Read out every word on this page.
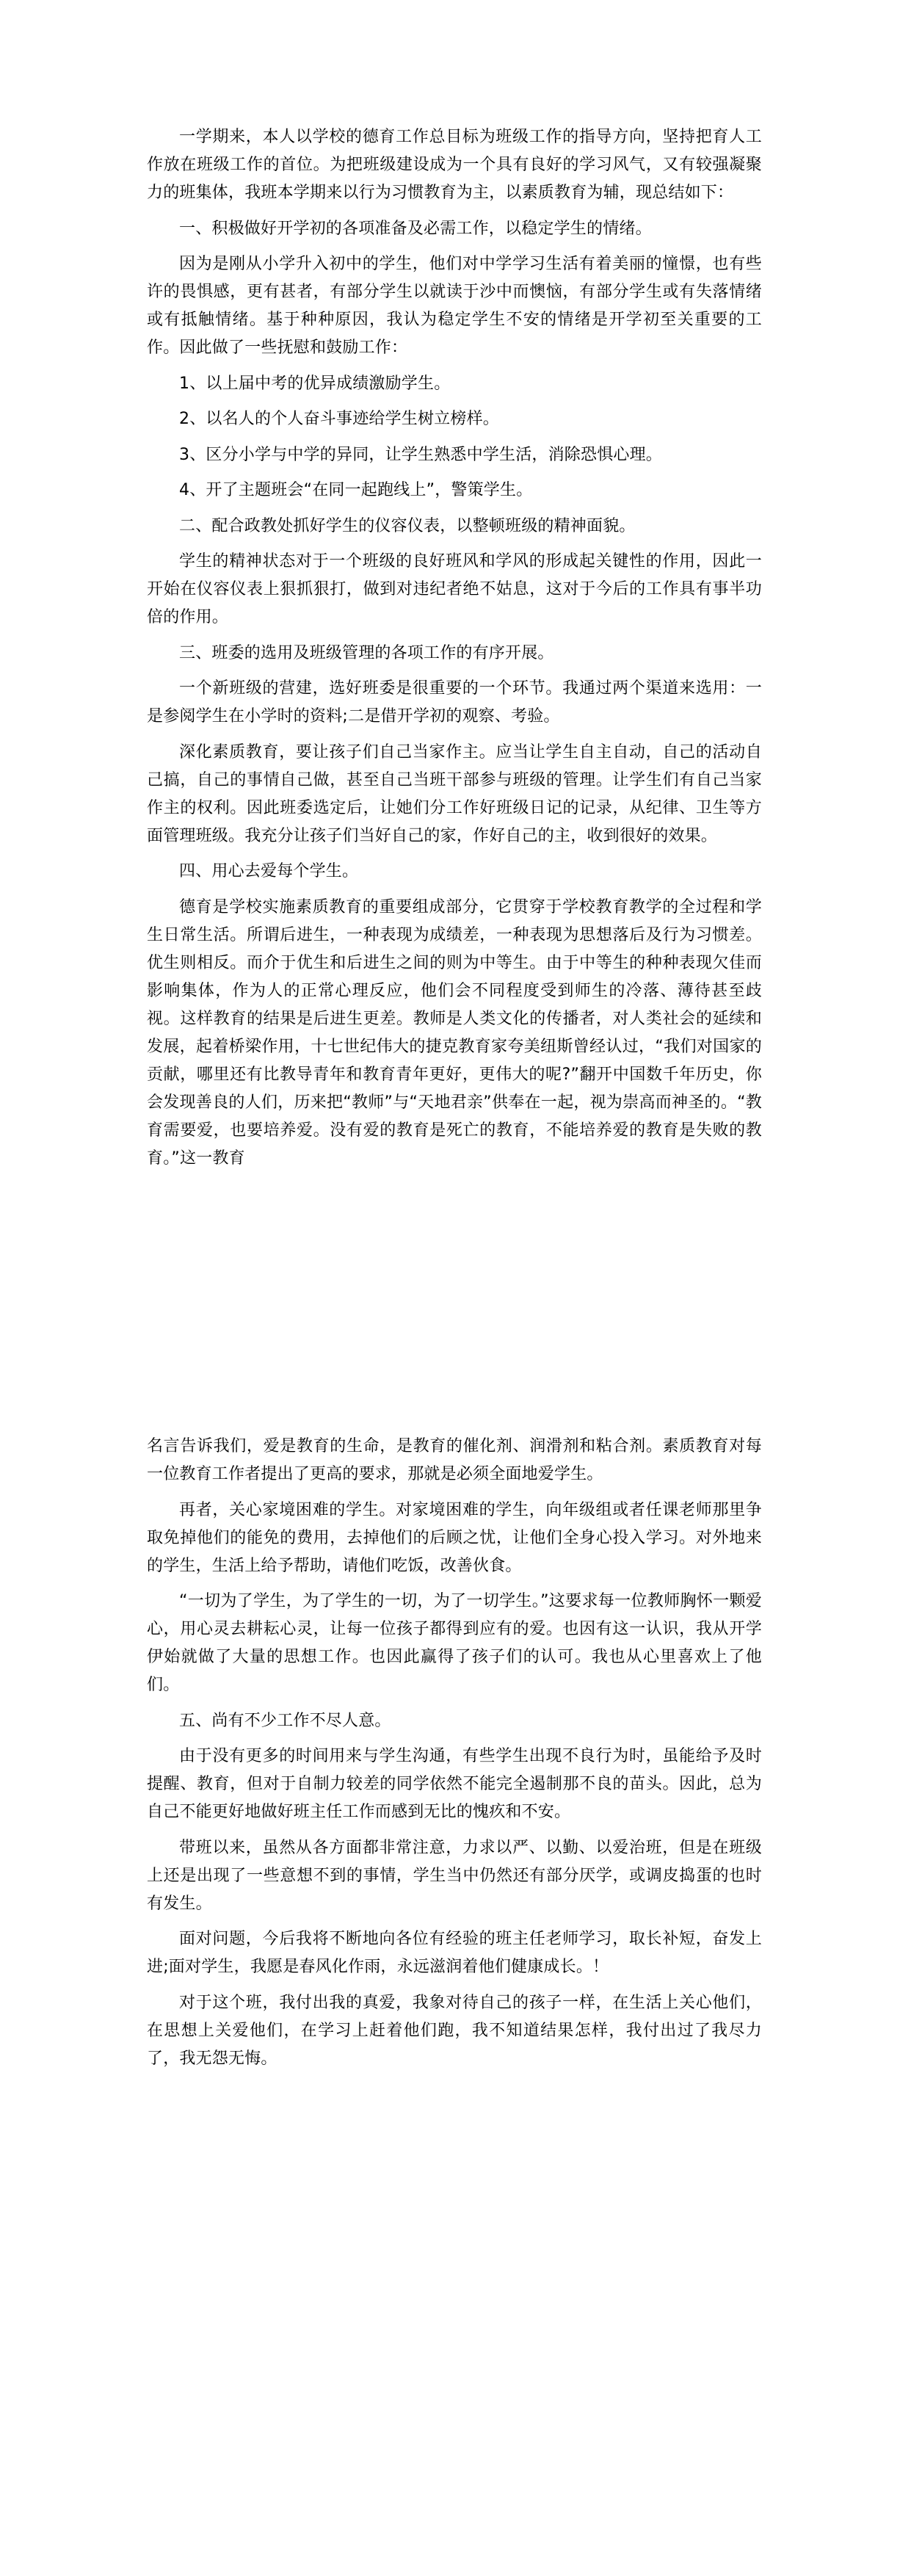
一学期来，本人以学校的德育工作总目标为班级工作的指导方向，坚持把育人工作放在班级工作的首位。为把班级建设成为一个具有良好的学习风气，又有较强凝聚力的班集体，我班本学期来以行为习惯教育为主，以素质教育为辅，现总结如下：

一、积极做好开学初的各项准备及必需工作，以稳定学生的情绪。

因为是刚从小学升入初中的学生，他们对中学学习生活有着美丽的憧憬，也有些许的畏惧感，更有甚者，有部分学生以就读于沙中而懊恼，有部分学生或有失落情绪或有抵触情绪。基于种种原因，我认为稳定学生不安的情绪是开学初至关重要的工作。因此做了一些抚慰和鼓励工作：

1、以上届中考的优异成绩激励学生。

2、以名人的个人奋斗事迹给学生树立榜样。

3、区分小学与中学的异同，让学生熟悉中学生活，消除恐惧心理。

4、开了主题班会“在同一起跑线上”，警策学生。

二、配合政教处抓好学生的仪容仪表，以整顿班级的精神面貌。

学生的精神状态对于一个班级的良好班风和学风的形成起关键性的作用，因此一开始在仪容仪表上狠抓狠打，做到对违纪者绝不姑息，这对于今后的工作具有事半功倍的作用。

三、班委的选用及班级管理的各项工作的有序开展。

一个新班级的营建，选好班委是很重要的一个环节。我通过两个渠道来选用：一是参阅学生在小学时的资料;二是借开学初的观察、考验。

深化素质教育，要让孩子们自己当家作主。应当让学生自主自动，自己的活动自己搞，自己的事情自己做，甚至自己当班干部参与班级的管理。让学生们有自己当家作主的权利。因此班委选定后，让她们分工作好班级日记的记录，从纪律、卫生等方面管理班级。我充分让孩子们当好自己的家，作好自己的主，收到很好的效果。

四、用心去爱每个学生。

德育是学校实施素质教育的重要组成部分，它贯穿于学校教育教学的全过程和学生日常生活。所谓后进生，一种表现为成绩差，一种表现为思想落后及行为习惯差。优生则相反。而介于优生和后进生之间的则为中等生。由于中等生的种种表现欠佳而影响集体，作为人的正常心理反应，他们会不同程度受到师生的冷落、薄待甚至歧视。这样教育的结果是后进生更差。教师是人类文化的传播者，对人类社会的延续和发展，起着桥梁作用，十七世纪伟大的捷克教育家夸美纽斯曾经认过，“我们对国家的贡献，哪里还有比教导青年和教育青年更好，更伟大的呢?”翻开中国数千年历史，你会发现善良的人们，历来把“教师”与“天地君亲”供奉在一起，视为崇高而神圣的。“教育需要爱，也要培养爱。没有爱的教育是死亡的教育，不能培养爱的教育是失败的教育。”这一教育

名言告诉我们，爱是教育的生命，是教育的催化剂、润滑剂和粘合剂。素质教育对每一位教育工作者提出了更高的要求，那就是必须全面地爱学生。

再者，关心家境困难的学生。对家境困难的学生，向年级组或者任课老师那里争取免掉他们的能免的费用，去掉他们的后顾之忧，让他们全身心投入学习。对外地来的学生，生活上给予帮助，请他们吃饭，改善伙食。

“一切为了学生，为了学生的一切，为了一切学生。”这要求每一位教师胸怀一颗爱心，用心灵去耕耘心灵，让每一位孩子都得到应有的爱。也因有这一认识，我从开学伊始就做了大量的思想工作。也因此赢得了孩子们的认可。我也从心里喜欢上了他们。

五、尚有不少工作不尽人意。

由于没有更多的时间用来与学生沟通，有些学生出现不良行为时，虽能给予及时提醒、教育，但对于自制力较差的同学依然不能完全遏制那不良的苗头。因此，总为自己不能更好地做好班主任工作而感到无比的愧疚和不安。

带班以来，虽然从各方面都非常注意，力求以严、以勤、以爱治班，但是在班级上还是出现了一些意想不到的事情，学生当中仍然还有部分厌学，或调皮捣蛋的也时有发生。

面对问题，今后我将不断地向各位有经验的班主任老师学习，取长补短，奋发上进;面对学生，我愿是春风化作雨，永远滋润着他们健康成长。！

对于这个班，我付出我的真爱，我象对待自己的孩子一样，在生活上关心他们，在思想上关爱他们，在学习上赶着他们跑，我不知道结果怎样，我付出过了我尽力了，我无怨无悔。
